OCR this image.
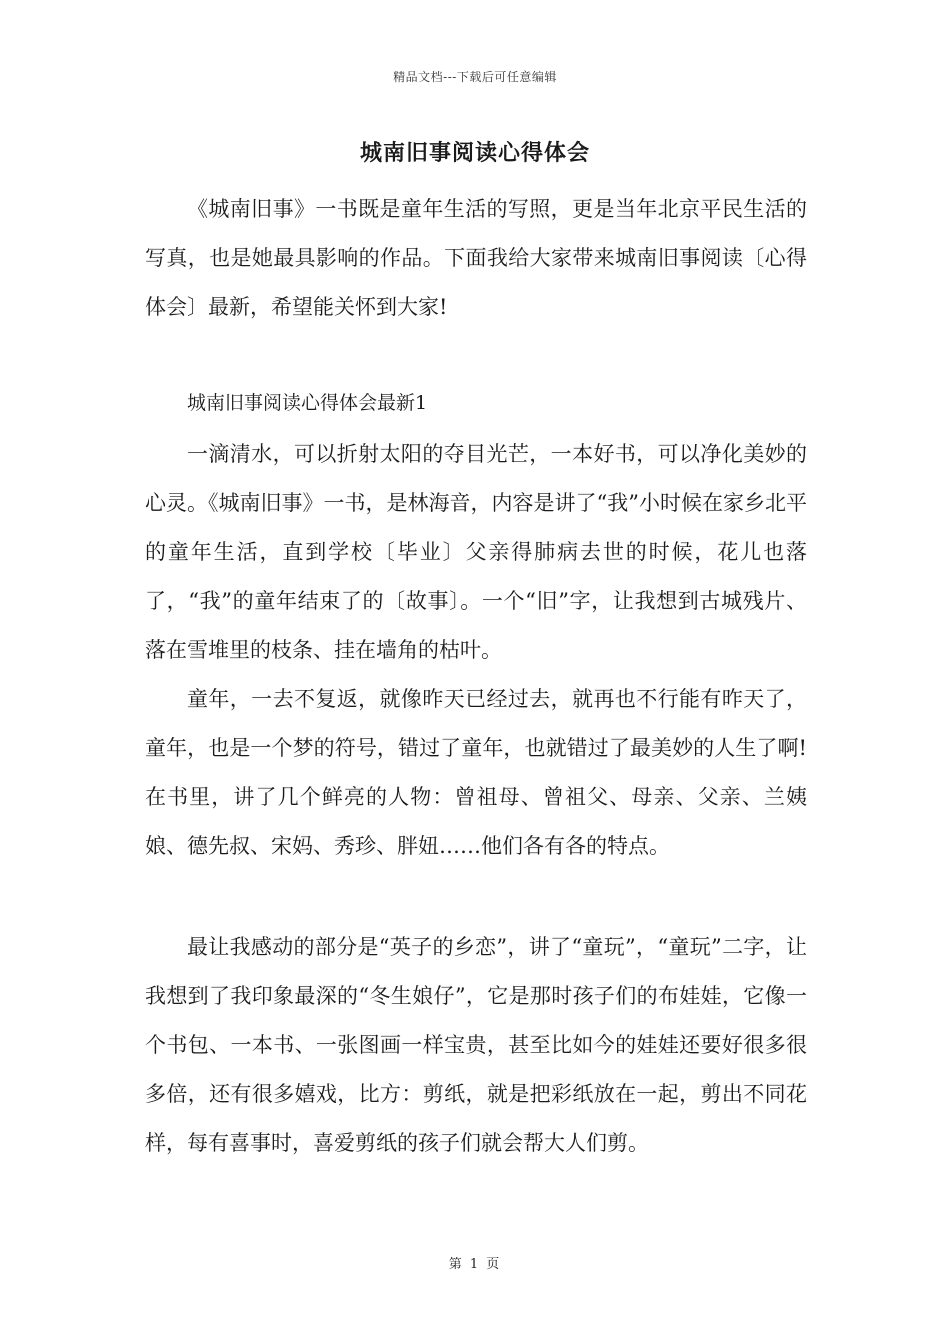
精品文档---下载后可任意编辑
城南旧事阅读心得体会

《城南旧事》一书既是童年生活的写照，更是当年北京平民生活的写真，也是她最具影响的作品。下面我给大家带来城南旧事阅读〔心得体会〕最新，希望能关怀到大家!

城南旧事阅读心得体会最新1

一滴清水，可以折射太阳的夺目光芒，一本好书，可以净化美妙的心灵。《城南旧事》一书，是林海音，内容是讲了“我”小时候在家乡北平的童年生活，直到学校〔毕业〕父亲得肺病去世的时候，花儿也落了，“我”的童年结束了的〔故事〕。一个“旧”字，让我想到古城残片、落在雪堆里的枝条、挂在墙角的枯叶。

童年，一去不复返，就像昨天已经过去，就再也不行能有昨天了，童年，也是一个梦的符号，错过了童年，也就错过了最美妙的人生了啊!在书里，讲了几个鲜亮的人物：曾祖母、曾祖父、母亲、父亲、兰姨娘、德先叔、宋妈、秀珍、胖妞……他们各有各的特点。

最让我感动的部分是“英子的乡恋”，讲了“童玩”，“童玩”二字，让我想到了我印象最深的“冬生娘仔”，它是那时孩子们的布娃娃，它像一个书包、一本书、一张图画一样宝贵，甚至比如今的娃娃还要好很多很多倍，还有很多嬉戏，比方：剪纸，就是把彩纸放在一起，剪出不同花样，每有喜事时，喜爱剪纸的孩子们就会帮大人们剪。

第 1 页
